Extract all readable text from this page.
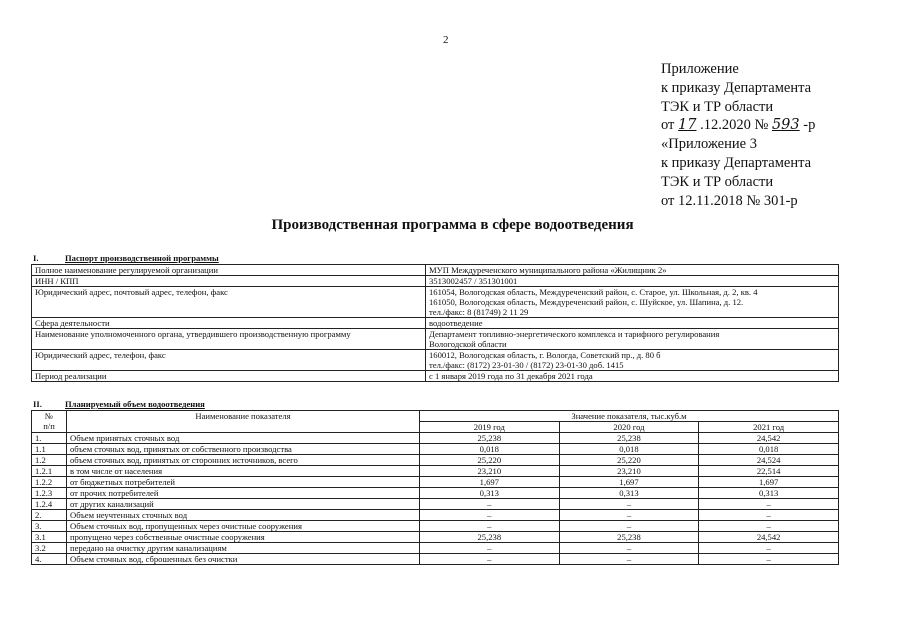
2
Приложение
к приказу Департамента
ТЭК и ТР области
от 17 .12.2020 № 593 -р
«Приложение 3
к приказу Департамента
ТЭК и ТР области
от 12.11.2018 № 301-р
Производственная программа в сфере водоотведения
I.	Паспорт производственной программы
Полное наименование регулируемой организации	МУП Междуреченского муниципального района «Жилищник 2»
ИНН / КПП	3513002457 / 351301001
Юридический адрес, почтовый адрес, телефон, факс	161054, Вологодская область, Междуреченский район, с. Старое, ул. Школьная, д. 2, кв. 4
161050, Вологодская область, Междуреченский район, с. Шуйское, ул. Шапина, д. 12.
тел./факс: 8 (81749) 2 11 29
Сфера деятельности	водоотведение
Наименование уполномоченного органа, утвердившего производственную программу	Департамент топливно-энергетического комплекса и тарифного регулирования
Вологодской области
Юридический адрес, телефон, факс	160012, Вологодская область, г. Вологда, Советский пр., д. 80 б
тел./факс: (8172) 23-01-30 / (8172) 23-01-30 доб. 1415
Период реализации	с 1 января 2019 года по 31 декабря 2021 года
II.	Планируемый объем водоотведения
№
п/п	Наименование показателя	Значение показателя, тыс.куб.м		
		2019 год	2020 год	2021 год
1.	Объем принятых сточных вод	25,238	25,238	24,542
1.1	объем сточных вод, принятых от собственного производства	0,018	0,018	0,018
1.2	объем сточных вод, принятых от сторонних источников, всего	25,220	25,220	24,524
1.2.1	в том числе от населения	23,210	23,210	22,514
1.2.2	от бюджетных потребителей	1,697	1,697	1,697
1.2.3	от прочих потребителей	0,313	0,313	0,313
1.2.4	от других канализаций	–	–	–
2.	Объем неучтенных сточных вод	–	–	–
3.	Объем сточных вод, пропущенных через очистные сооружения	–	–	–
3.1	пропущено через собственные очистные сооружения	25,238	25,238	24,542
3.2	передано на очистку другим канализациям	–	–	–
4.	Объем сточных вод, сброшенных без очистки	–	–	–
